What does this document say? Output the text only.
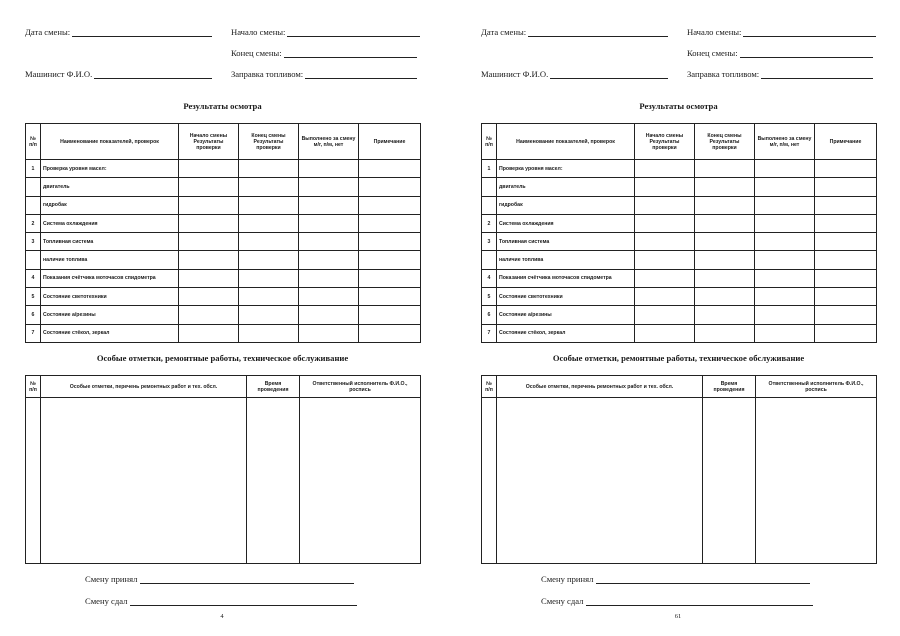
Дата смены:	Начало смены:
Конец смены:
Машинист Ф.И.О.	Заправка топливом:
Результаты осмотра
№ п/п	Наименование показателей, проверок	Начало смены Результаты проверки	Конец смены Результаты проверки	Выполнено за смену м/г, п/м, нет	Примечание
1	Проверка уровня масел:				
	двигатель				
	гидробак				
2	Система охлаждения				
3	Топливная система				
	наличие топлива				
4	Показания счётчика моточасов спидометра				
5	Состояние светотехники				
6	Состояние а/резины				
7	Состояние стёкол, зеркал				
Особые отметки, ремонтные работы, техническое обслуживание
№ п/п	Особые отметки, перечень ремонтных работ и тех. обсл.	Время проведения	Ответственный исполнитель Ф.И.О., роспись

Смену принял
Смену сдал
4
Дата смены:	Начало смены:
Конец смены:
Машинист Ф.И.О.	Заправка топливом:
Результаты осмотра
№ п/п	Наименование показателей, проверок	Начало смены Результаты проверки	Конец смены Результаты проверки	Выполнено за смену м/г, п/м, нет	Примечание
1	Проверка уровня масел:				
	двигатель				
	гидробак				
2	Система охлаждения				
3	Топливная система				
	наличие топлива				
4	Показания счётчика моточасов спидометра				
5	Состояние светотехники				
6	Состояние а/резины				
7	Состояние стёкол, зеркал				
Особые отметки, ремонтные работы, техническое обслуживание
№ п/п	Особые отметки, перечень ремонтных работ и тех. обсл.	Время проведения	Ответственный исполнитель Ф.И.О., роспись

Смену принял
Смену сдал
61
